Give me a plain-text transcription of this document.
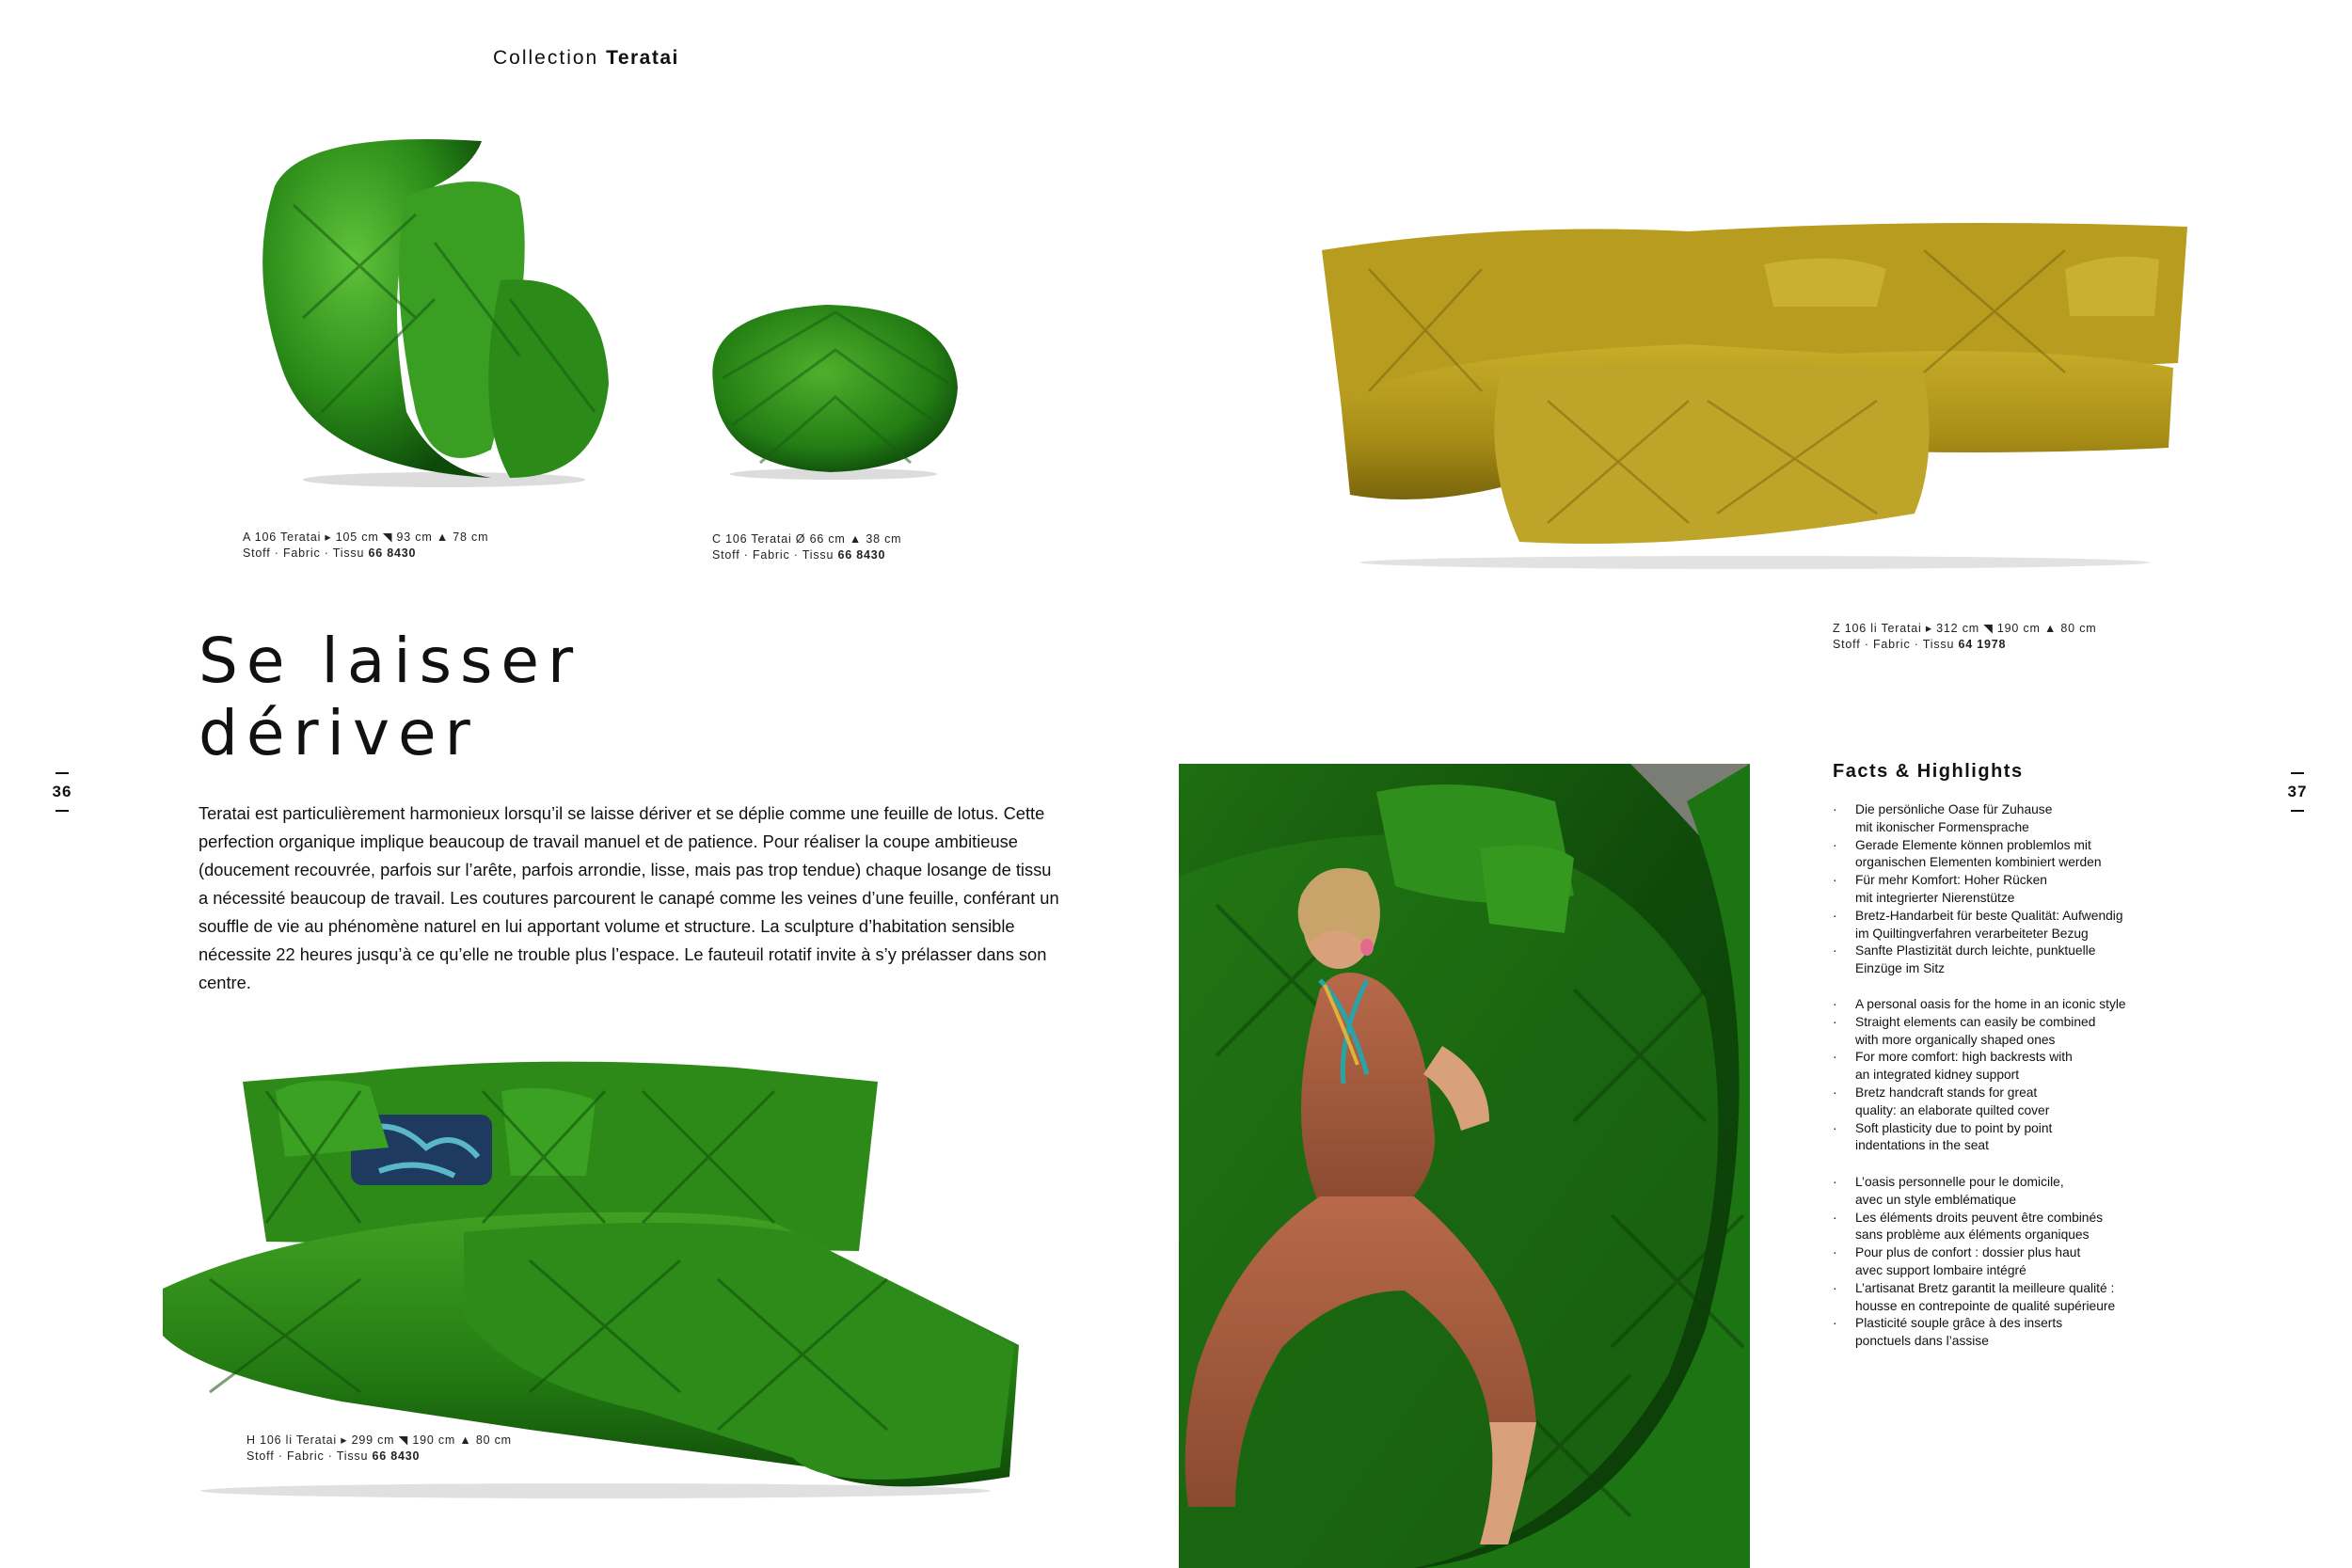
Collection Teratai
A 106 Teratai ▸ 105 cm ◥ 93 cm ▲ 78 cm
Stoff · Fabric · Tissu 66 8430
C 106 Teratai Ø 66 cm ▲ 38 cm
Stoff · Fabric · Tissu 66 8430
Z 106 li Teratai ▸ 312 cm ◥ 190 cm ▲ 80 cm
Stoff · Fabric · Tissu 64 1978
Se laisser
dériver
36	37

Teratai est particulièrement harmonieux lorsqu’il se laisse dériver et se déplie comme une feuille de lotus. Cette perfection organique implique beaucoup de travail manuel et de patience. Pour réaliser la coupe ambitieuse (doucement recouvrée, parfois sur l’arête, parfois arrondie, lisse, mais pas trop tendue) chaque losange de tissu a nécessité beaucoup de travail. Les coutures parcourent le canapé comme les veines d’une feuille, conférant un souffle de vie au phénomène naturel en lui apportant volume et structure. La sculpture d’habitation sensible nécessite 22 heures jusqu’à ce qu’elle ne trouble plus l’espace. Le fauteuil rotatif invite à s’y prélasser dans son centre.

H 106 li Teratai ▸ 299 cm ◥ 190 cm ▲ 80 cm
Stoff · Fabric · Tissu 66 8430
Facts & Highlights
· Die persönliche Oase für Zuhause
mit ikonischer Formensprache
· Gerade Elemente können problemlos mit
organischen Elementen kombiniert werden
· Für mehr Komfort: Hoher Rücken
mit integrierter Nierenstütze
· Bretz-Handarbeit für beste Qualität: Aufwendig
im Quiltingverfahren verarbeiteter Bezug
· Sanfte Plastizität durch leichte, punktuelle
Einzüge im Sitz
· A personal oasis for the home in an iconic style
· Straight elements can easily be combined
with more organically shaped ones
· For more comfort: high backrests with
an integrated kidney support
· Bretz handcraft stands for great
quality: an elaborate quilted cover
· Soft plasticity due to point by point
indentations in the seat
· L’oasis personnelle pour le domicile,
avec un style emblématique
· Les éléments droits peuvent être combinés
sans problème aux éléments organiques
· Pour plus de confort : dossier plus haut
avec support lombaire intégré
· L’artisanat Bretz garantit la meilleure qualité :
housse en contrepointe de qualité supérieure
· Plasticité souple grâce à des inserts
ponctuels dans l’assise
